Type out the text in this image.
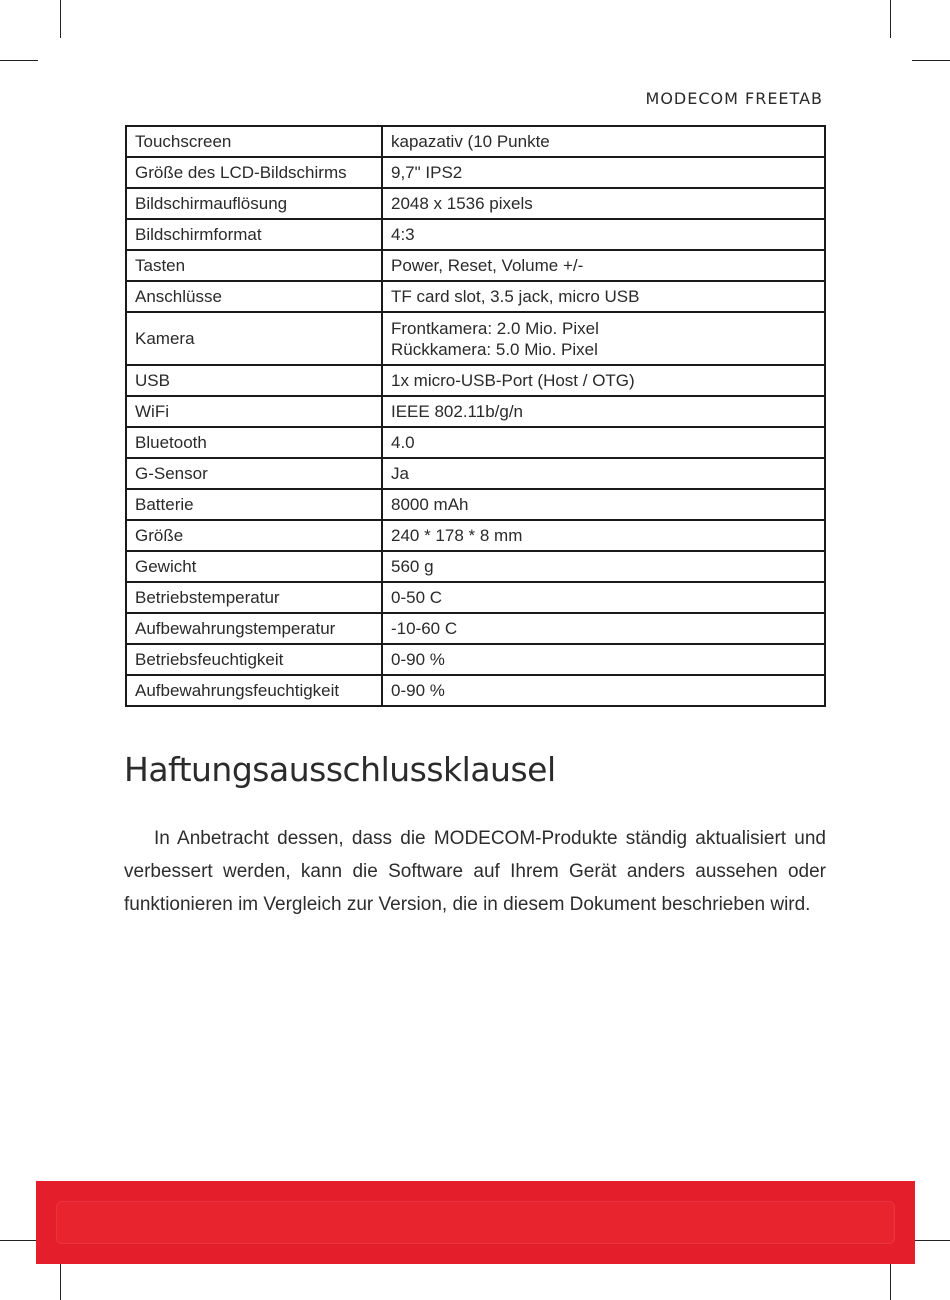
MODECOM FREETAB
Touchscreen	kapazativ (10 Punkte
Größe des LCD-Bildschirms	9,7" IPS2
Bildschirmauflösung	2048 x 1536 pixels
Bildschirmformat	4:3
Tasten	Power, Reset, Volume +/-
Anschlüsse	TF card slot, 3.5 jack, micro USB
Kamera	Frontkamera: 2.0 Mio. Pixel
Rückkamera: 5.0 Mio. Pixel

USB	1x micro-USB-Port (Host / OTG)
WiFi	IEEE 802.11b/g/n
Bluetooth	4.0
G-Sensor	Ja
Batterie	8000 mAh
Größe	240 * 178 * 8 mm
Gewicht	560 g
Betriebstemperatur	0-50 C
Aufbewahrungstemperatur	-10-60 C
Betriebsfeuchtigkeit	0-90 %
Aufbewahrungsfeuchtigkeit	0-90 %
Haftungsausschlussklausel

In Anbetracht dessen, dass die MODECOM-Produkte ständig aktualisiert und verbessert werden, kann die Software auf Ihrem Gerät anders aussehen oder funktionieren im Vergleich zur Version, die in diesem Dokument beschrieben wird.
